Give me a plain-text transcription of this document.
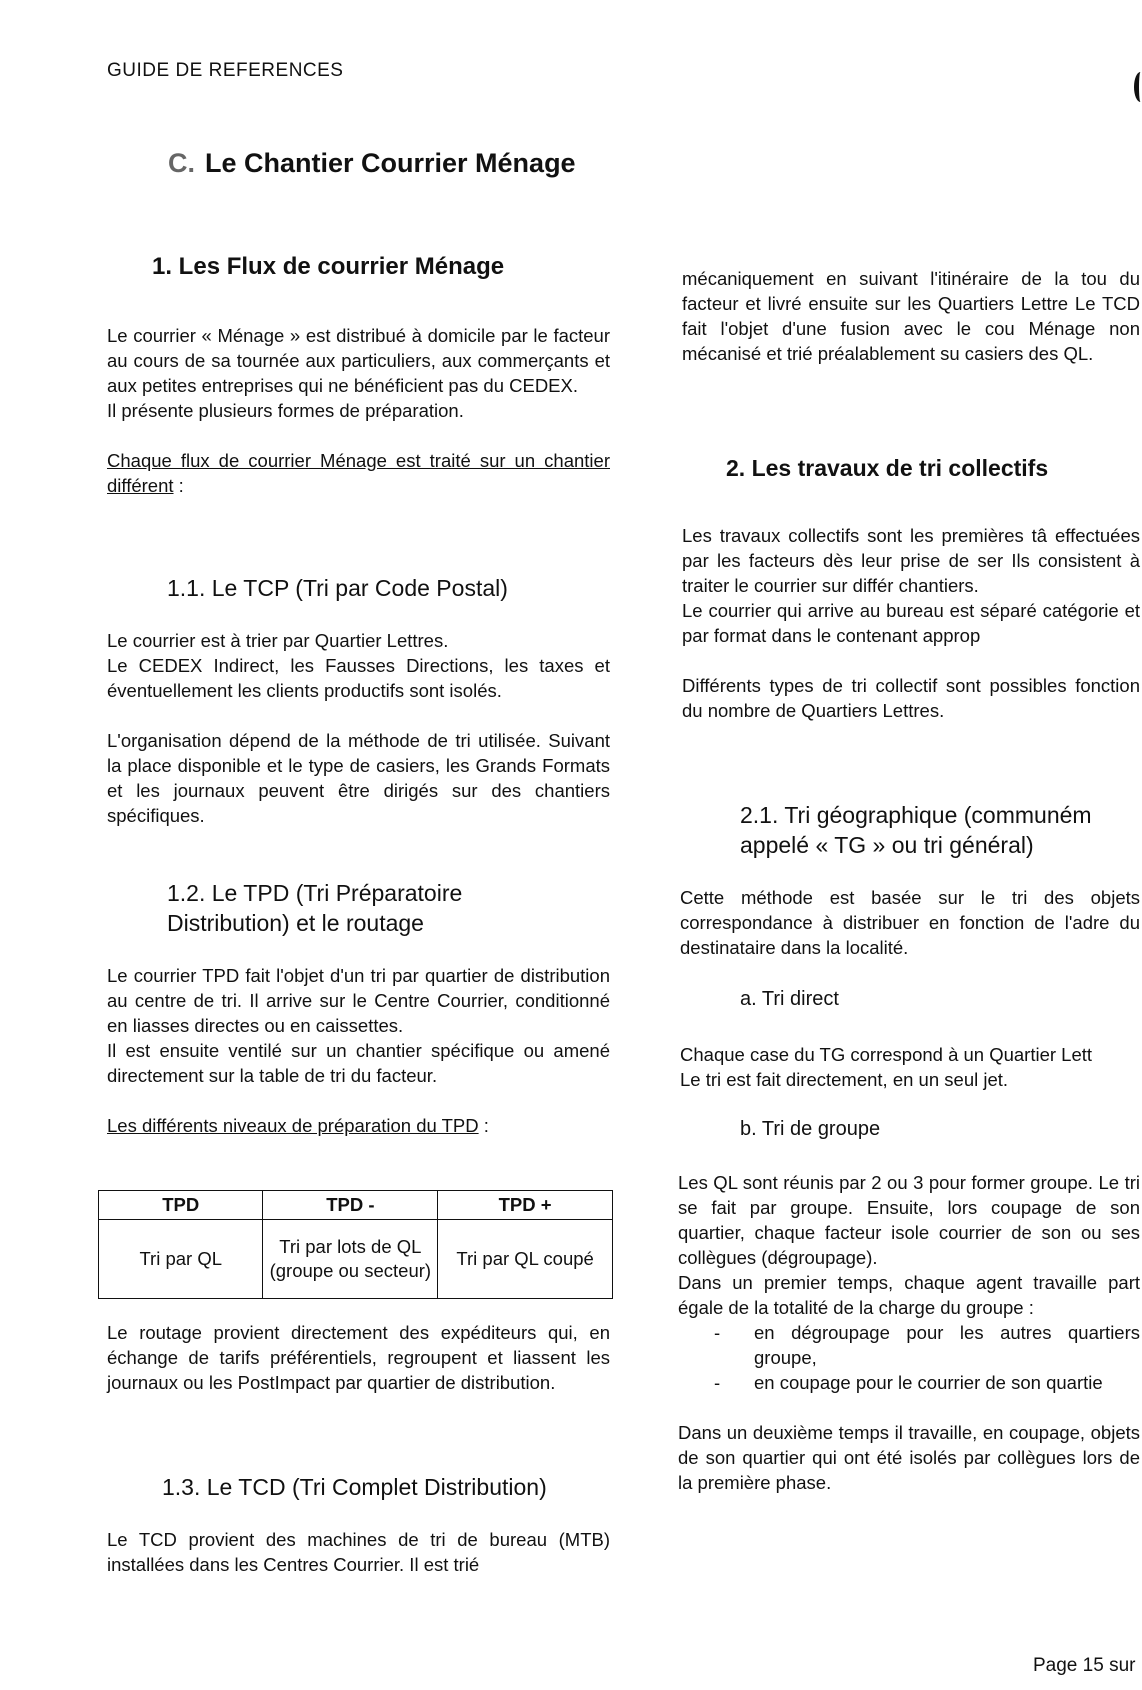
GUIDE DE REFERENCES
C. Le Chantier Courrier Ménage
1. Les Flux de courrier Ménage

Le courrier « Ménage » est distribué à domicile par le facteur au cours de sa tournée aux particuliers, aux commerçants et aux petites entreprises qui ne bénéficient pas du CEDEX.

Il présente plusieurs formes de préparation.

Chaque flux de courrier Ménage est traité sur un chantier différent :

1.1. Le TCP (Tri par Code Postal)

Le courrier est à trier par Quartier Lettres.

Le CEDEX Indirect, les Fausses Directions, les taxes et éventuellement les clients productifs sont isolés.

L'organisation dépend de la méthode de tri utilisée. Suivant la place disponible et le type de casiers, les Grands Formats et les journaux peuvent être dirigés sur des chantiers spécifiques.

1.2. Le TPD (Tri Préparatoire Distribution) et le routage

Le courrier TPD fait l'objet d'un tri par quartier de distribution au centre de tri. Il arrive sur le Centre Courrier, conditionné en liasses directes ou en caissettes.

Il est ensuite ventilé sur un chantier spécifique ou amené directement sur la table de tri du facteur.

Les différents niveaux de préparation du TPD :

TPD	TPD -	TPD +
Tri par QL	Tri par lots de QL (groupe ou secteur)	Tri par QL coupé
Le routage provient directement des expéditeurs qui, en échange de tarifs préférentiels, regroupent et liassent les journaux ou les PostImpact par quartier de distribution.
1.3. Le TCD (Tri Complet Distribution)
Le TCD provient des machines de tri de bureau (MTB) installées dans les Centres Courrier. Il est trié
mécaniquement en suivant l'itinéraire de la tou du facteur et livré ensuite sur les Quartiers Lettre Le TCD fait l'objet d'une fusion avec le cou Ménage non mécanisé et trié préalablement su casiers des QL.
2. Les travaux de tri collectifs

Les travaux collectifs sont les premières tâ effectuées par les facteurs dès leur prise de ser Ils consistent à traiter le courrier sur différ chantiers.

Le courrier qui arrive au bureau est séparé catégorie et par format dans le contenant approp

Différents types de tri collectif sont possibles fonction du nombre de Quartiers Lettres.

2.1. Tri géographique (communém appelé « TG » ou tri général)
Cette méthode est basée sur le tri des objets correspondance à distribuer en fonction de l'adre du destinataire dans la localité.
a. Tri direct

Chaque case du TG correspond à un Quartier Lett

Le tri est fait directement, en un seul jet.

b. Tri de groupe

Les QL sont réunis par 2 ou 3 pour former groupe. Le tri se fait par groupe. Ensuite, lors coupage de son quartier, chaque facteur isole courrier de son ou ses collègues (dégroupage).

Dans un premier temps, chaque agent travaille part égale de la totalité de la charge du groupe :

- en dégroupage pour les autres quartiers groupe,
- en coupage pour le courrier de son quartie

Dans un deuxième temps il travaille, en coupage, objets de son quartier qui ont été isolés par collègues lors de la première phase.

Page 15 sur
